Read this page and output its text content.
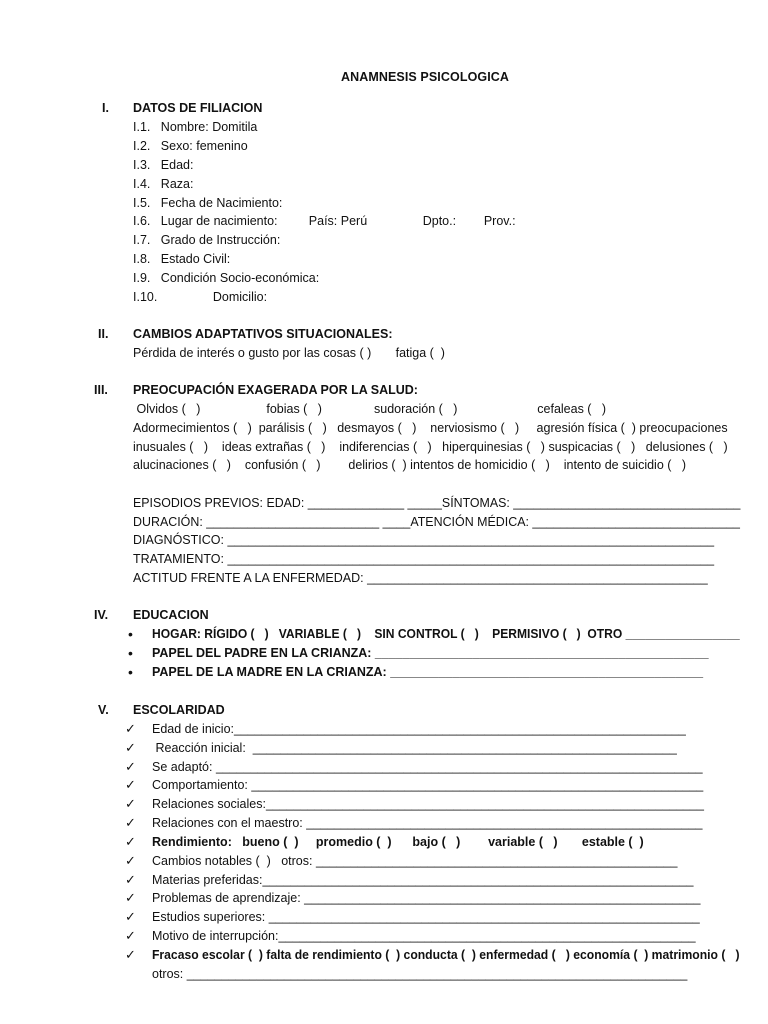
ANAMNESIS PSICOLOGICA
I. DATOS DE FILIACION
I.1.   Nombre: Domitila
I.2.   Sexo: femenino
I.3.   Edad:
I.4.   Raza:
I.5.   Fecha de Nacimiento:
I.6.   Lugar de nacimiento:         País: Perú                Dpto.:        Prov.:
I.7.   Grado de Instrucción:
I.8.   Estado Civil:
I.9.   Condición Socio-económica:
I.10.                Domicilio:
II. CAMBIOS ADAPTATIVOS SITUACIONALES:
Pérdida de interés o gusto por las cosas ( )       fatiga (  )
III. PREOCUPACIÓN EXAGERADA POR LA SALUD:
Olvidos (   )                   fobias (   )               sudoración (   )                       cefaleas (   )
Adormecimientos (   )  parálisis (   )   desmayos (   )    nerviosismo (   )     agresión física (  ) preocupaciones
inusuales (   )    ideas extrañas (   )    indiferencias (   )   hiperquinesias (   ) suspicacias (   )   delusiones (   )
alucinaciones (   )    confusión (   )        delirios (  ) intentos de homicidio (   )    intento de suicidio (   )
EPISODIOS PREVIOS: EDAD: ______________ _____SÍNTOMAS: _________________________________
DURACIÓN: _________________________ ____ATENCIÓN MÉDICA: ______________________________
DIAGNÓSTICO: ______________________________________________________________________
TRATAMIENTO: ______________________________________________________________________
ACTITUD FRENTE A LA ENFERMEDAD: _________________________________________________
IV. EDUCACION
• HOGAR: RÍGIDO (   )   VARIABLE (   )    SIN CONTROL (   )    PERMISIVO (   )  OTRO _________________
• PAPEL DEL PADRE EN LA CRIANZA: ________________________________________________
• PAPEL DE LA MADRE EN LA CRIANZA: _____________________________________________
V. ESCOLARIDAD
✓ Edad de inicio:_________________________________________________________________
✓ Reacción inicial:  _____________________________________________________________
✓ Se adaptó: ______________________________________________________________________
✓ Comportamiento: _________________________________________________________________
✓ Relaciones sociales:_______________________________________________________________
✓ Relaciones con el maestro: _________________________________________________________
✓ Rendimiento:   bueno (  )     promedio (  )      bajo (   )        variable (   )       estable (  )
✓ Cambios notables (  )   otros: ____________________________________________________
✓ Materias preferidas:______________________________________________________________
✓ Problemas de aprendizaje: _________________________________________________________
✓ Estudios superiores: ______________________________________________________________
✓ Motivo de interrupción:____________________________________________________________
✓ Fracaso escolar (  ) falta de rendimiento (  ) conducta (  ) enfermedad (   ) economía (  ) matrimonio (   )
otros: ________________________________________________________________________
